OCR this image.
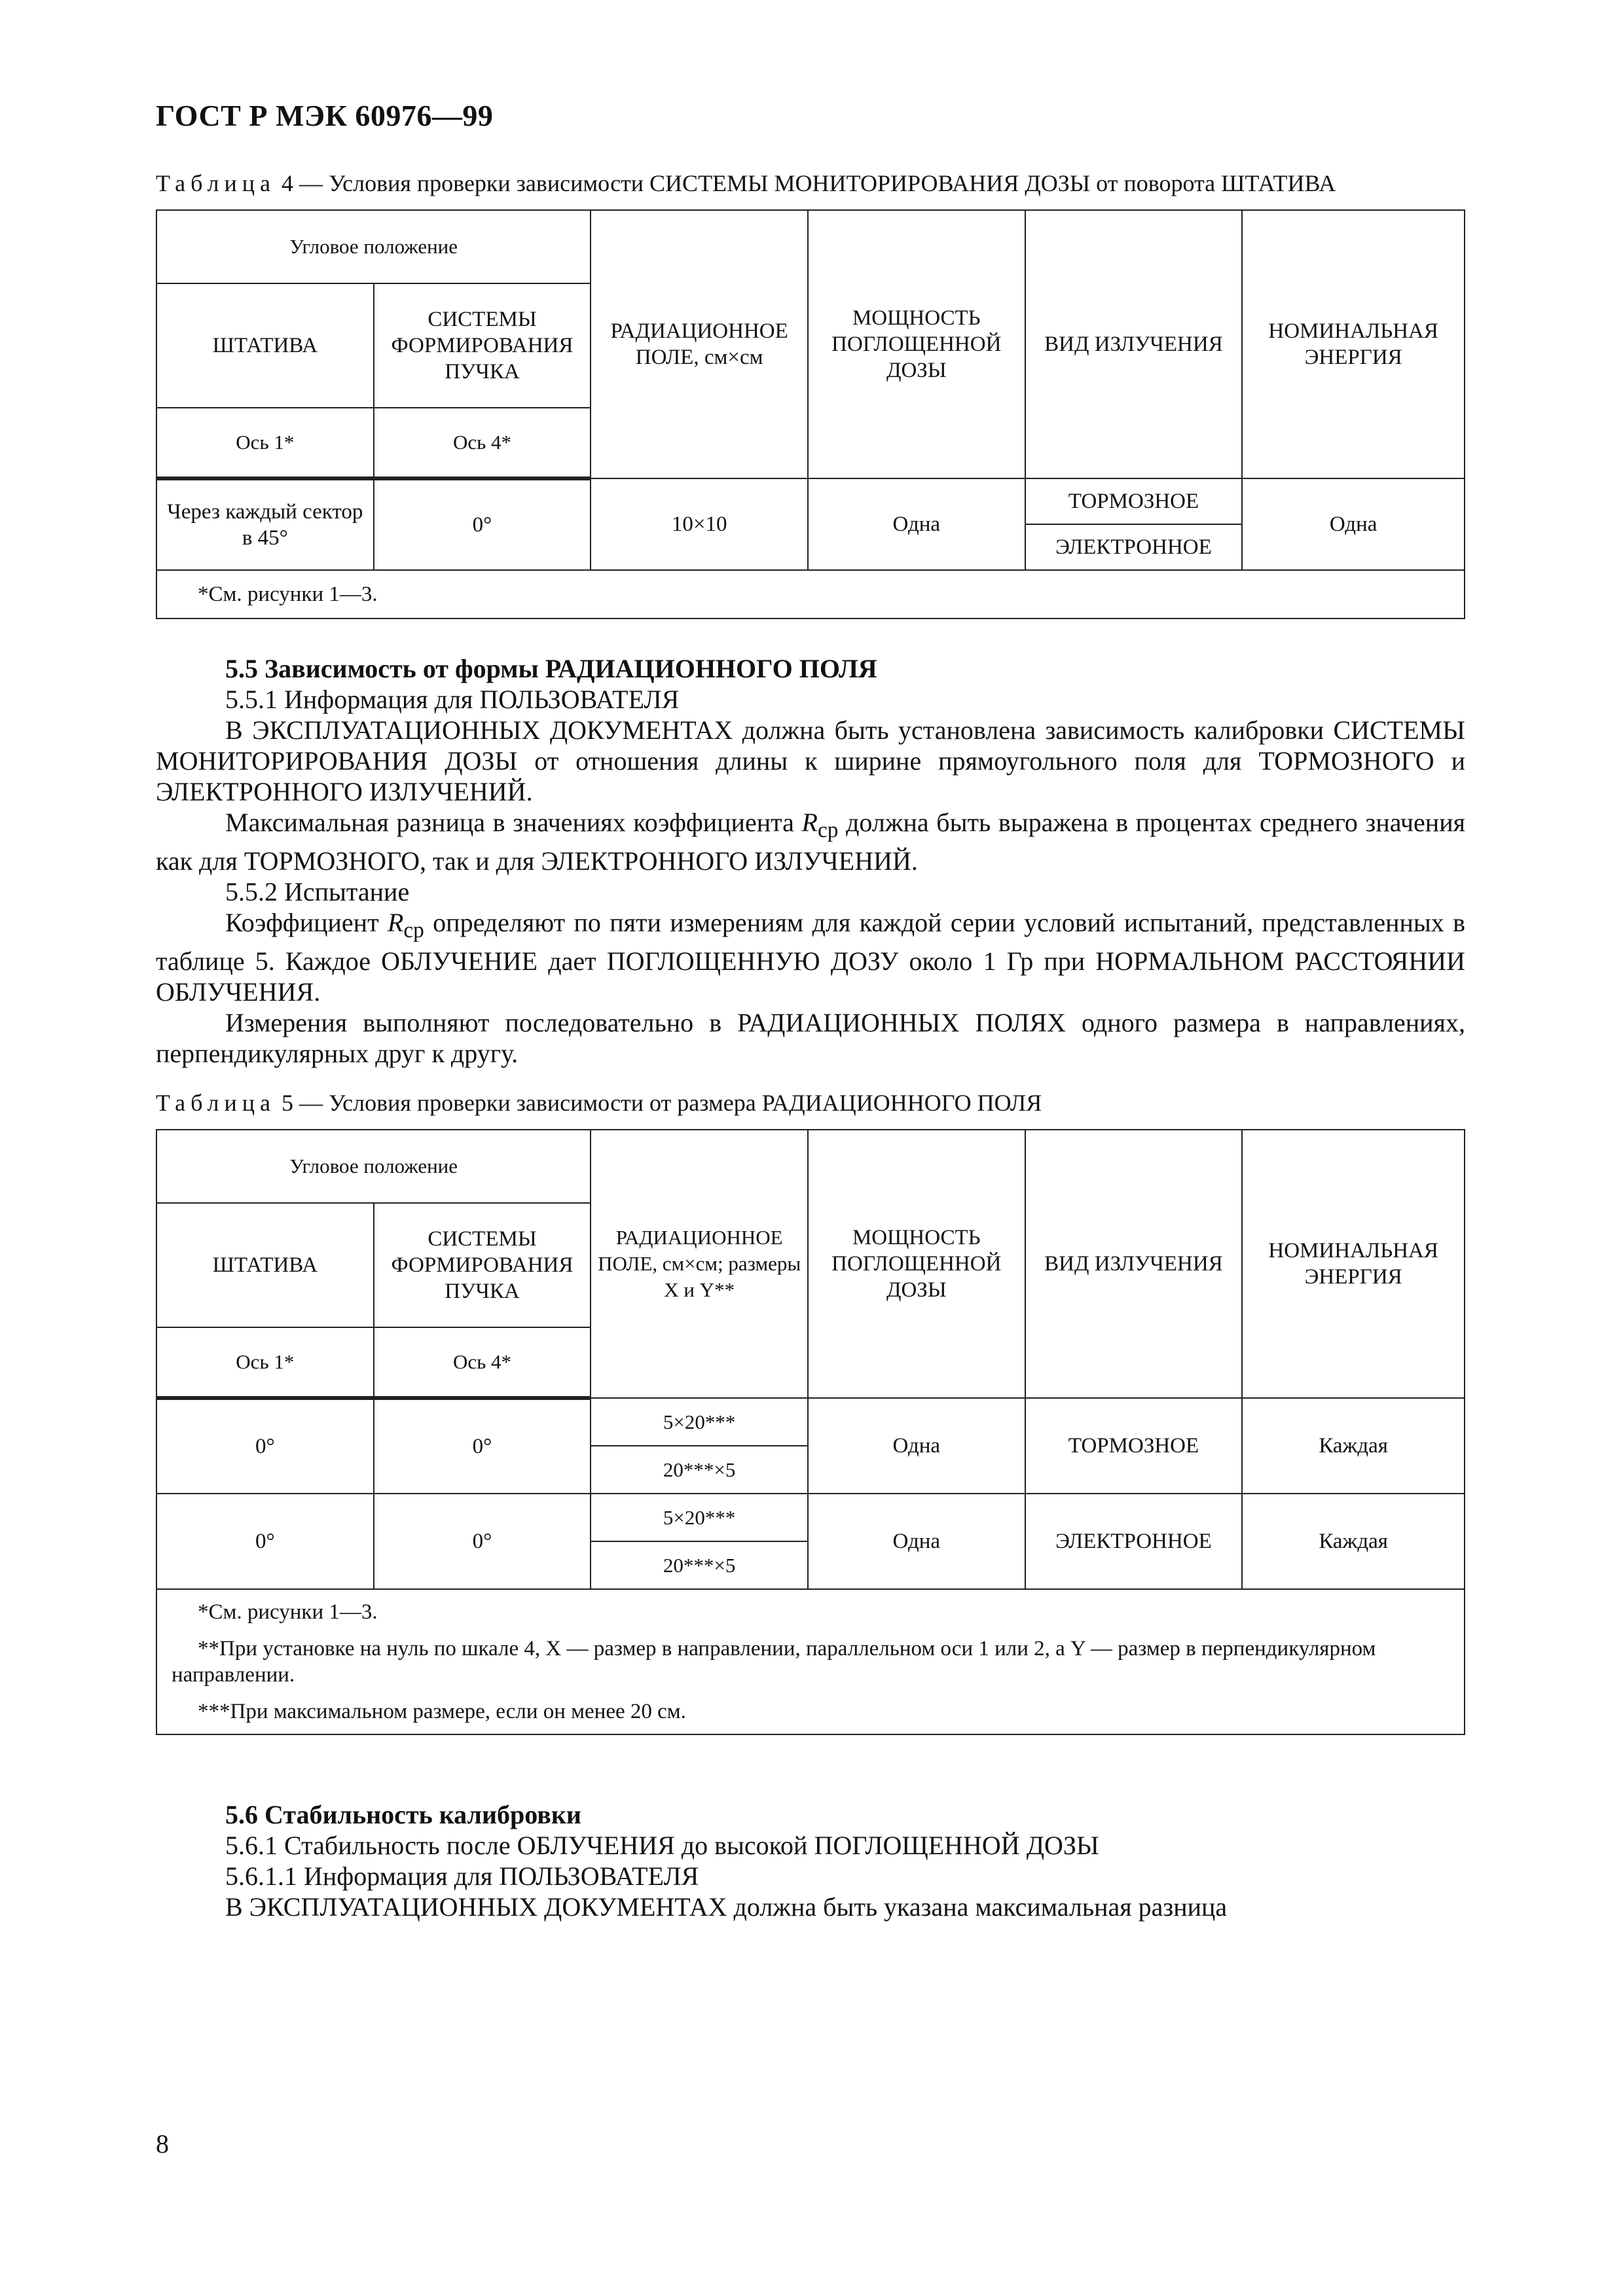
ГОСТ Р МЭК 60976—99
Таблица 4 — Условия проверки зависимости СИСТЕМЫ МОНИТОРИРОВАНИЯ ДОЗЫ от поворота ШТАТИВА
Угловое положение		РАДИАЦИОННОЕ ПОЛЕ, см×см	МОЩНОСТЬ ПОГЛОЩЕННОЙ ДОЗЫ	ВИД ИЗЛУЧЕНИЯ	НОМИНАЛЬНАЯ ЭНЕРГИЯ
ШТАТИВА	СИСТЕМЫ ФОРМИРОВАНИЯ ПУЧКА				
Ось 1*	Ось 4*				
Через каждый сектор в 45°	0°	10×10	Одна	ТОРМОЗНОЕ	Одна
				ЭЛЕКТРОННОЕ	

*См. рисунки 1—3.					

5.5 Зависимость от формы РАДИАЦИОННОГО ПОЛЯ

5.5.1 Информация для ПОЛЬЗОВАТЕЛЯ

В ЭКСПЛУАТАЦИОННЫХ ДОКУМЕНТАХ должна быть установлена зависимость калибровки СИСТЕМЫ МОНИТОРИРОВАНИЯ ДОЗЫ от отношения длины к ширине прямоугольного поля для ТОРМОЗНОГО и ЭЛЕКТРОННОГО ИЗЛУЧЕНИЙ.

Максимальная разница в значениях коэффициента $R_{ср}$ должна быть выражена в процентах среднего значения как для ТОРМОЗНОГО, так и для ЭЛЕКТРОННОГО ИЗЛУЧЕНИЙ.

5.5.2 Испытание

Коэффициент $R_{ср}$ определяют по пяти измерениям для каждой серии условий испытаний, представленных в таблице 5. Каждое ОБЛУЧЕНИЕ дает ПОГЛОЩЕННУЮ ДОЗУ около 1 Гр при НОРМАЛЬНОМ РАССТОЯНИИ ОБЛУЧЕНИЯ.

Измерения выполняют последовательно в РАДИАЦИОННЫХ ПОЛЯХ одного размера в направлениях, перпендикулярных друг к другу.

Таблица 5 — Условия проверки зависимости от размера РАДИАЦИОННОГО ПОЛЯ
Угловое положение		РАДИАЦИОННОЕ ПОЛЕ, см×см; размеры X и Y**	МОЩНОСТЬ ПОГЛОЩЕННОЙ ДОЗЫ	ВИД ИЗЛУЧЕНИЯ	НОМИНАЛЬНАЯ ЭНЕРГИЯ
ШТАТИВА	СИСТЕМЫ ФОРМИРОВАНИЯ ПУЧКА				
Ось 1*	Ось 4*				
0°	0°	5×20***	Одна	ТОРМОЗНОЕ	Каждая
		20***×5			
0°	0°	5×20***	Одна	ЭЛЕКТРОННОЕ	Каждая
		20***×5			

*См. рисунки 1—3.

**При установке на нуль по шкале 4, X — размер в направлении, параллельном оси 1 или 2, а Y — размер в перпендикулярном направлении.

***При максимальном размере, если он менее 20 см.					

5.6 Стабильность калибровки

5.6.1 Стабильность после ОБЛУЧЕНИЯ до высокой ПОГЛОЩЕННОЙ ДОЗЫ

5.6.1.1 Информация для ПОЛЬЗОВАТЕЛЯ

В ЭКСПЛУАТАЦИОННЫХ ДОКУМЕНТАХ должна быть указана максимальная разница

8
